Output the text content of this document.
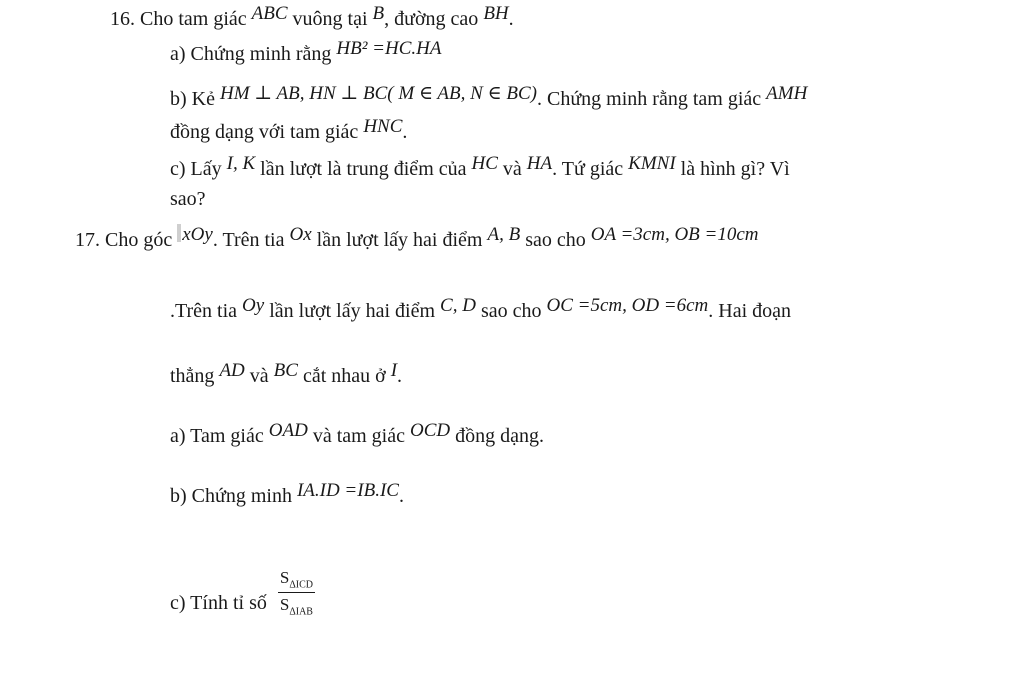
16. Cho tam giác ABC vuông tại B, đường cao BH.
a) Chứng minh rằng HB² =HC.HA
b) Kẻ HM ⊥ AB, HN ⊥ BC( M ∈ AB, N ∈ BC). Chứng minh rằng tam giác AMH
đồng dạng với tam giác HNC.
c) Lấy I, K lần lượt là trung điểm của HC và HA. Tứ giác KMNI là hình gì? Vì
sao?
17. Cho góc xOy. Trên tia Ox lần lượt lấy hai điểm A, B sao cho OA =3cm, OB =10cm
.Trên tia Oy lần lượt lấy hai điểm C, D sao cho OC =5cm, OD =6cm. Hai đoạn
thẳng AD và BC cắt nhau ở I.
a) Tam giác OAD và tam giác OCD đồng dạng.
b) Chứng minh IA.ID =IB.IC.
c) Tính tỉ số $\frac{S_{\Delta ICD}}{S_{\Delta IAB}}$
